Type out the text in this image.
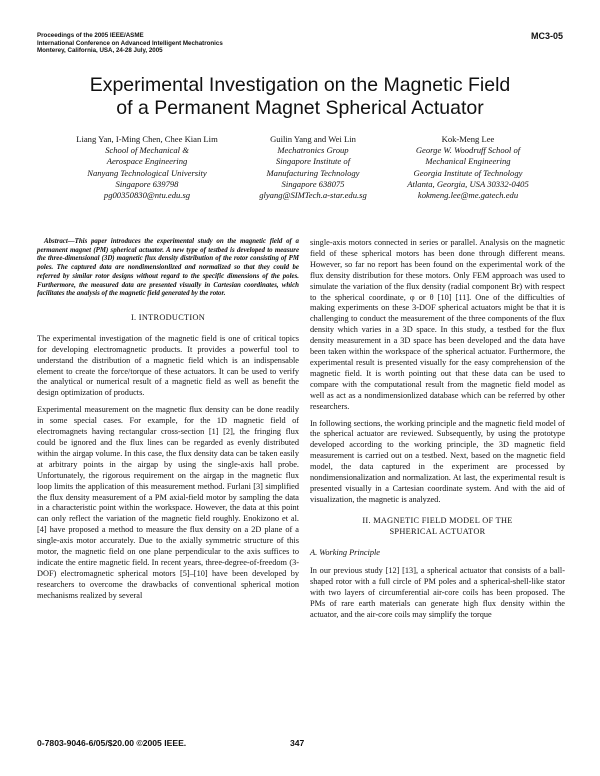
Proceedings of the 2005 IEEE/ASME
International Conference on Advanced Intelligent Mechatronics
Monterey, California, USA, 24-28 July, 2005
MC3-05
Experimental Investigation on the Magnetic Field
of a Permanent Magnet Spherical Actuator
Liang Yan, I-Ming Chen, Chee Kian Lim
School of Mechanical &
Aerospace Engineering
Nanyang Technological University
Singapore 639798
pg00350830@ntu.edu.sg
Guilin Yang and Wei Lin
Mechatronics Group
Singapore Institute of
Manufacturing Technology
Singapore 638075
glyang@SIMTech.a-star.edu.sg
Kok-Meng Lee
George W. Woodruff School of
Mechanical Engineering
Georgia Institute of Technology
Atlanta, Georgia, USA 30332-0405
kokmeng.lee@me.gatech.edu

Abstract—This paper introduces the experimental study on the magnetic field of a permanent magnet (PM) spherical actuator. A new type of testbed is developed to measure the three-dimensional (3D) magnetic flux density distribution of the rotor consisting of PM poles. The captured data are nondimensionlized and normalized so that they could be referred by similar rotor designs without regard to the specific dimensions of the poles. Furthermore, the measured data are presented visually in Cartesian coordinates, which facilitates the analysis of the magnetic field generated by the rotor.

I. INTRODUCTION

The experimental investigation of the magnetic field is one of critical topics for developing electromagnetic products. It provides a powerful tool to understand the distribution of a magnetic field which is an indispensable element to create the force/torque of these actuators. It can be used to verify the analytical or numerical result of a magnetic field as well as benefit the design optimization of products.

Experimental measurement on the magnetic flux density can be done readily in some special cases. For example, for the 1D magnetic field of electromagnets having rectangular cross-section [1] [2], the fringing flux could be ignored and the flux lines can be regarded as evenly distributed within the airgap volume. In this case, the flux density data can be taken easily at arbitrary points in the airgap by using the single-axis hall probe. Unfortunately, the rigorous requirement on the airgap in the magnetic flux loop limits the application of this measurement method. Furlani [3] simplified the flux density measurement of a PM axial-field motor by sampling the data in a characteristic point within the workspace. However, the data at this point can only reflect the variation of the magnetic field roughly. Enokizono et al. [4] have proposed a method to measure the flux density on a 2D plane of a single-axis motor accurately. Due to the axially symmetric structure of this motor, the magnetic field on one plane perpendicular to the axis suffices to indicate the entire magnetic field. In recent years, three-degree-of-freedom (3-DOF) electromagnetic spherical motors [5]–[10] have been developed by researchers to overcome the drawbacks of conventional spherical motion mechanisms realized by several

single-axis motors connected in series or parallel. Analysis on the magnetic field of these spherical motors has been done through different means. However, so far no report has been found on the experimental work of the flux density distribution for these motors. Only FEM approach was used to simulate the variation of the flux density (radial component Br) with respect to the spherical coordinate, φ or θ [10] [11]. One of the difficulties of making experiments on these 3-DOF spherical actuators might be that it is challenging to conduct the measurement of the three components of the flux density which varies in a 3D space. In this study, a testbed for the flux density measurement in a 3D space has been developed and the data have been taken within the workspace of the spherical actuator. Furthermore, the experimental result is presented visually for the easy comprehension of the magnetic field. It is worth pointing out that these data can be used to compare with the computational result from the magnetic field model as well as act as a nondimensionlized database which can be referred by other researchers.

In following sections, the working principle and the magnetic field model of the spherical actuator are reviewed. Subsequently, by using the prototype developed according to the working principle, the 3D magnetic field measurement is carried out on a testbed. Next, based on the magnetic field model, the data captured in the experiment are processed by nondimensionalization and normalization. At last, the experimental result is presented visually in a Cartesian coordinate system. And with the aid of visualization, the magnetic is analyzed.

II. MAGNETIC FIELD MODEL OF THE
SPHERICAL ACTUATOR
A. Working Principle

In our previous study [12] [13], a spherical actuator that consists of a ball-shaped rotor with a full circle of PM poles and a spherical-shell-like stator with two layers of circumferential air-core coils has been proposed. The PMs of rare earth materials can generate high flux density within the actuator, and the air-core coils may simplify the torque

0-7803-9046-6/05/$20.00 ©2005 IEEE.	347
